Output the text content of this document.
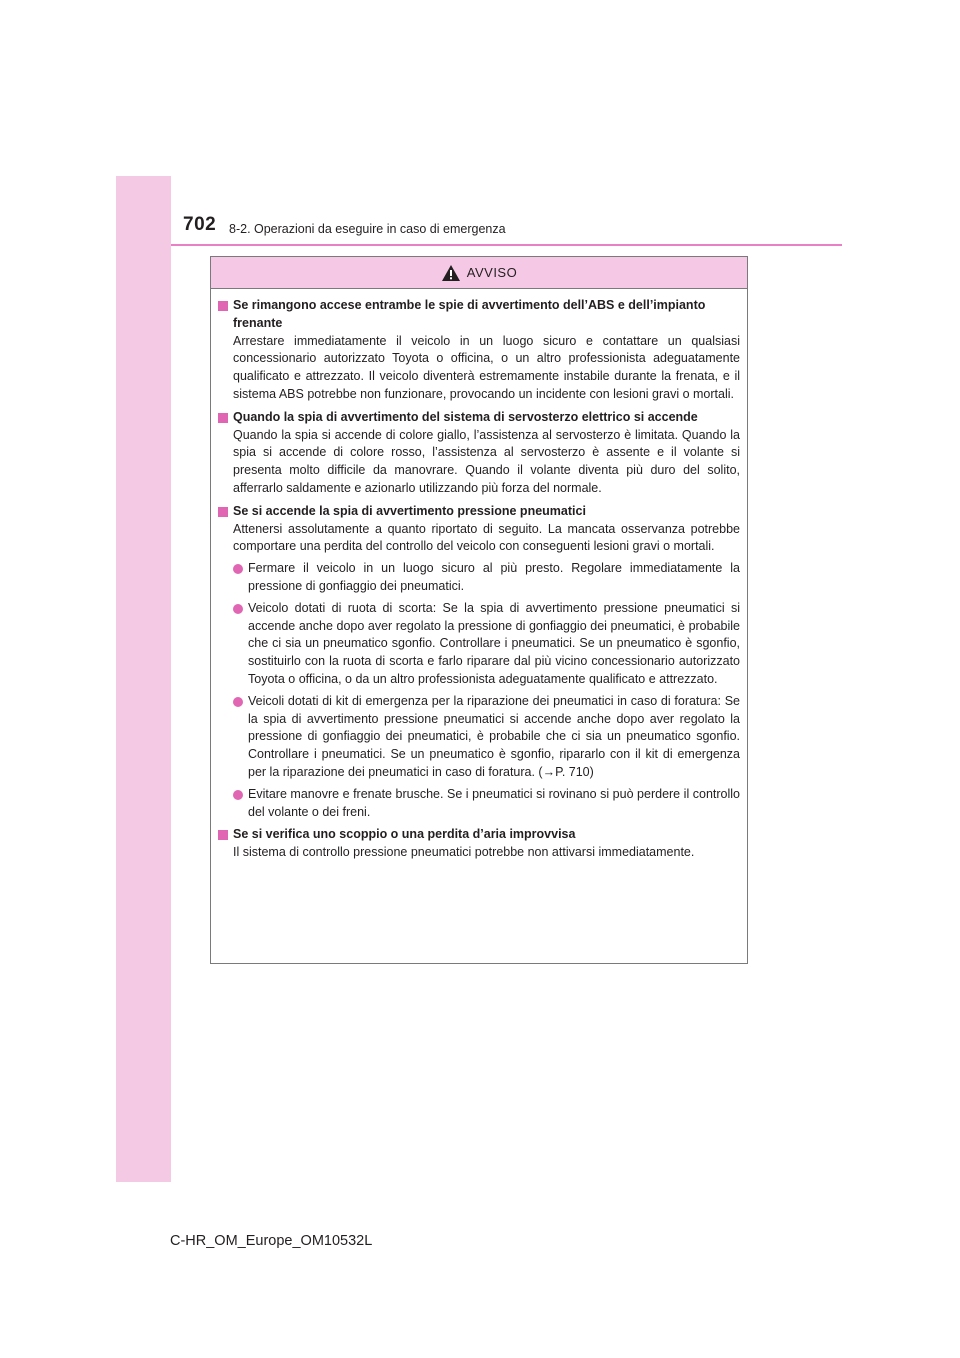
702 8-2. Operazioni da eseguire in caso di emergenza
AVVISO
Se rimangono accese entrambe le spie di avvertimento dell’ABS e dell’impianto frenante
Arrestare immediatamente il veicolo in un luogo sicuro e contattare un qualsiasi concessionario autorizzato Toyota o officina, o un altro professionista adeguatamente qualificato e attrezzato. Il veicolo diventerà estremamente instabile durante la frenata, e il sistema ABS potrebbe non funzionare, provocando un incidente con lesioni gravi o mortali.
Quando la spia di avvertimento del sistema di servosterzo elettrico si accende
Quando la spia si accende di colore giallo, l’assistenza al servosterzo è limitata. Quando la spia si accende di colore rosso, l’assistenza al servosterzo è assente e il volante si presenta molto difficile da manovrare. Quando il volante diventa più duro del solito, afferrarlo saldamente e azionarlo utilizzando più forza del normale.
Se si accende la spia di avvertimento pressione pneumatici
Attenersi assolutamente a quanto riportato di seguito. La mancata osservanza potrebbe comportare una perdita del controllo del veicolo con conseguenti lesioni gravi o mortali.
Fermare il veicolo in un luogo sicuro al più presto. Regolare immediatamente la pressione di gonfiaggio dei pneumatici.
Veicolo dotati di ruota di scorta: Se la spia di avvertimento pressione pneumatici si accende anche dopo aver regolato la pressione di gonfiaggio dei pneumatici, è probabile che ci sia un pneumatico sgonfio. Controllare i pneumatici. Se un pneumatico è sgonfio, sostituirlo con la ruota di scorta e farlo riparare dal più vicino concessionario autorizzato Toyota o officina, o da un altro professionista adeguatamente qualificato e attrezzato.
Veicoli dotati di kit di emergenza per la riparazione dei pneumatici in caso di foratura: Se la spia di avvertimento pressione pneumatici si accende anche dopo aver regolato la pressione di gonfiaggio dei pneumatici, è probabile che ci sia un pneumatico sgonfio. Controllare i pneumatici. Se un pneumatico è sgonfio, ripararlo con il kit di emergenza per la riparazione dei pneumatici in caso di foratura. (→P. 710)
Evitare manovre e frenate brusche. Se i pneumatici si rovinano si può perdere il controllo del volante o dei freni.
Se si verifica uno scoppio o una perdita d’aria improvvisa
Il sistema di controllo pressione pneumatici potrebbe non attivarsi immediatamente.
C-HR_OM_Europe_OM10532L
